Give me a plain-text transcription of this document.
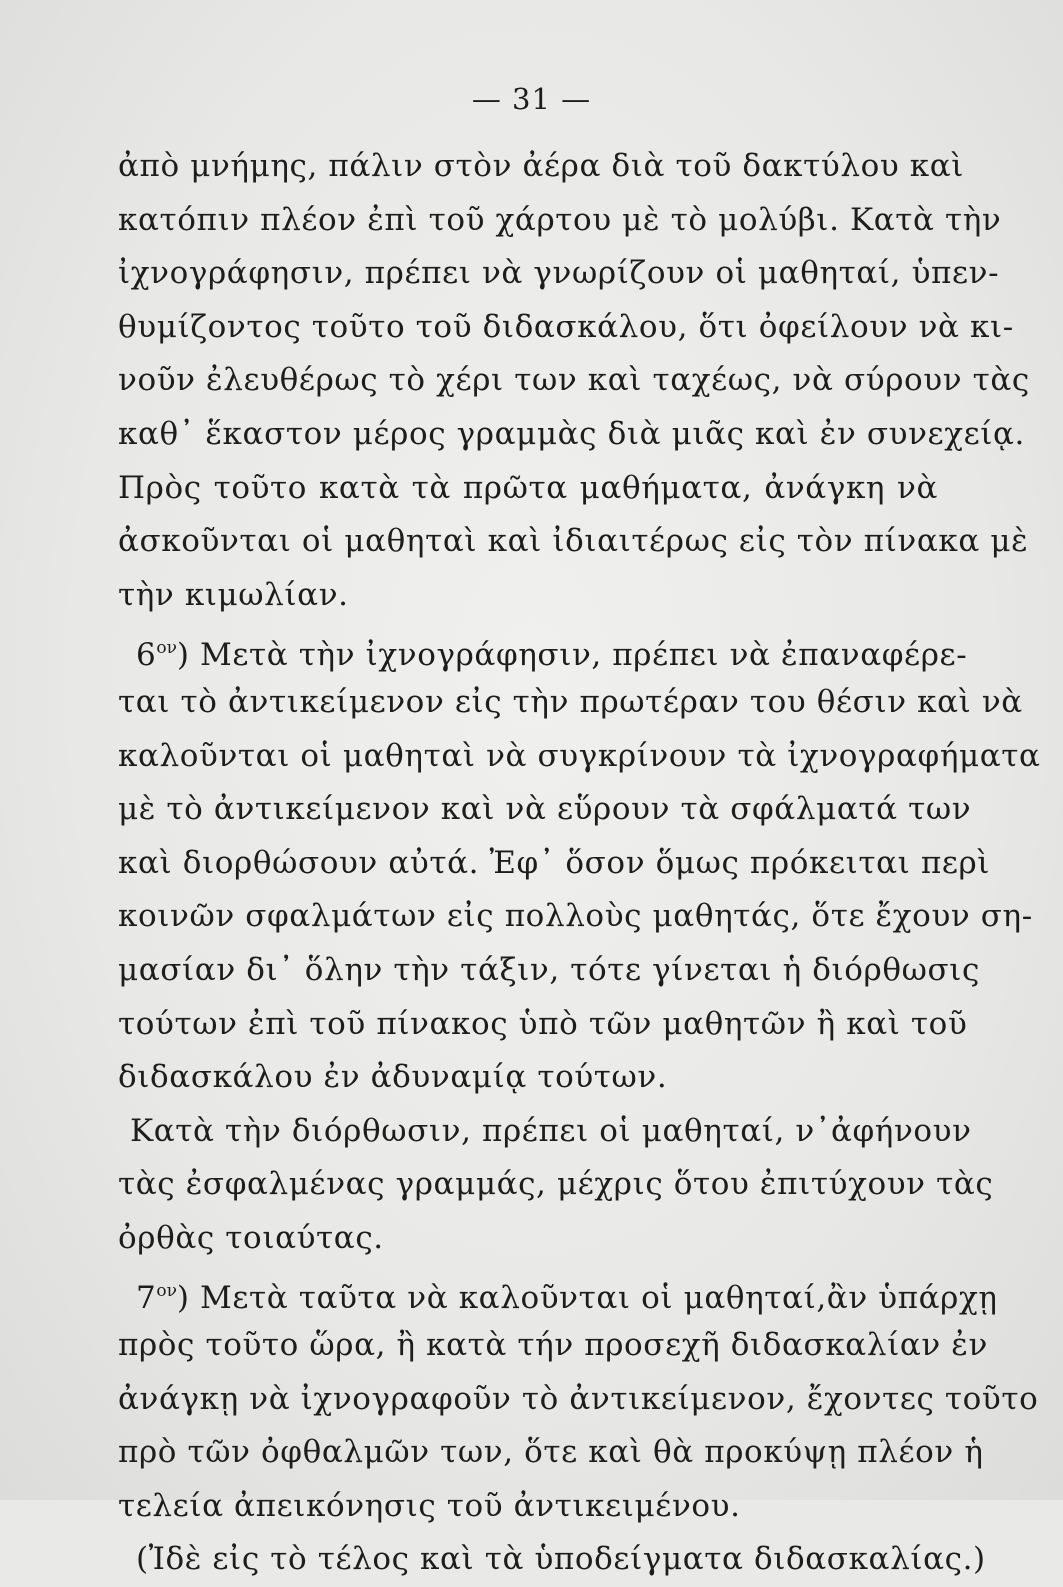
— 31 —
ἀπὸ μνήμης, πάλιν στὸν ἀέρα διὰ τοῦ δακτύλου καὶ
κατόπιν πλέον ἐπὶ τοῦ χάρτου μὲ τὸ μολύβι. Κατὰ τὴν
ἰχνογράφησιν, πρέπει νὰ γνωρίζουν οἱ μαθηταί, ὑπεν-
θυμίζοντος τοῦτο τοῦ διδασκάλου, ὅτι ὀφείλουν νὰ κι-
νοῦν ἐλευθέρως τὸ χέρι των καὶ ταχέως, νὰ σύρουν τὰς
καθ᾿ ἕκαστον μέρος γραμμὰς διὰ μιᾶς καὶ ἐν συνεχείᾳ.
Πρὸς τοῦτο κατὰ τὰ πρῶτα μαθήματα, ἀνάγκη νὰ
ἀσκοῦνται οἱ μαθηταὶ καὶ ἰδιαιτέρως εἰς τὸν πίνακα μὲ
τὴν κιμωλίαν.
$6^{o\nu}$) Μετὰ τὴν ἰχνογράφησιν, πρέπει νὰ ἐπαναφέρε-
ται τὸ ἀντικείμενον εἰς τὴν πρωτέραν του θέσιν καὶ νὰ
καλοῦνται οἱ μαθηταὶ νὰ συγκρίνουν τὰ ἰχνογραφήματα
μὲ τὸ ἀντικείμενον καὶ νὰ εὕρουν τὰ σφάλματά των
καὶ διορθώσουν αὐτά. Ἐφ᾿ ὅσον ὅμως πρόκειται περὶ
κοινῶν σφαλμάτων εἰς πολλοὺς μαθητάς, ὅτε ἔχουν ση-
μασίαν δι᾿ ὅλην τὴν τάξιν, τότε γίνεται ἡ διόρθωσις
τούτων ἐπὶ τοῦ πίνακος ὑπὸ τῶν μαθητῶν ἢ καὶ τοῦ
διδασκάλου ἐν ἀδυναμίᾳ τούτων.
Κατὰ τὴν διόρθωσιν, πρέπει οἱ μαθηταί, ν᾿ἀφήνουν
τὰς ἐσφαλμένας γραμμάς, μέχρις ὅτου ἐπιτύχουν τὰς
ὀρθὰς τοιαύτας.
$7^{o\nu}$) Μετὰ ταῦτα νὰ καλοῦνται οἱ μαθηταί,ἂν ὑπάρχῃ
πρὸς τοῦτο ὥρα, ἢ κατὰ τήν προσεχῆ διδασκαλίαν ἐν
ἀνάγκῃ νὰ ἰχνογραφοῦν τὸ ἀντικείμενον, ἔχοντες τοῦτο
πρὸ τῶν ὀφθαλμῶν των, ὅτε καὶ θὰ προκύψῃ πλέον ἡ
τελεία ἀπεικόνησις τοῦ ἀντικειμένου.
(Ἰδὲ εἰς τὸ τέλος καὶ τὰ ὑποδείγματα διδασκαλίας.)
